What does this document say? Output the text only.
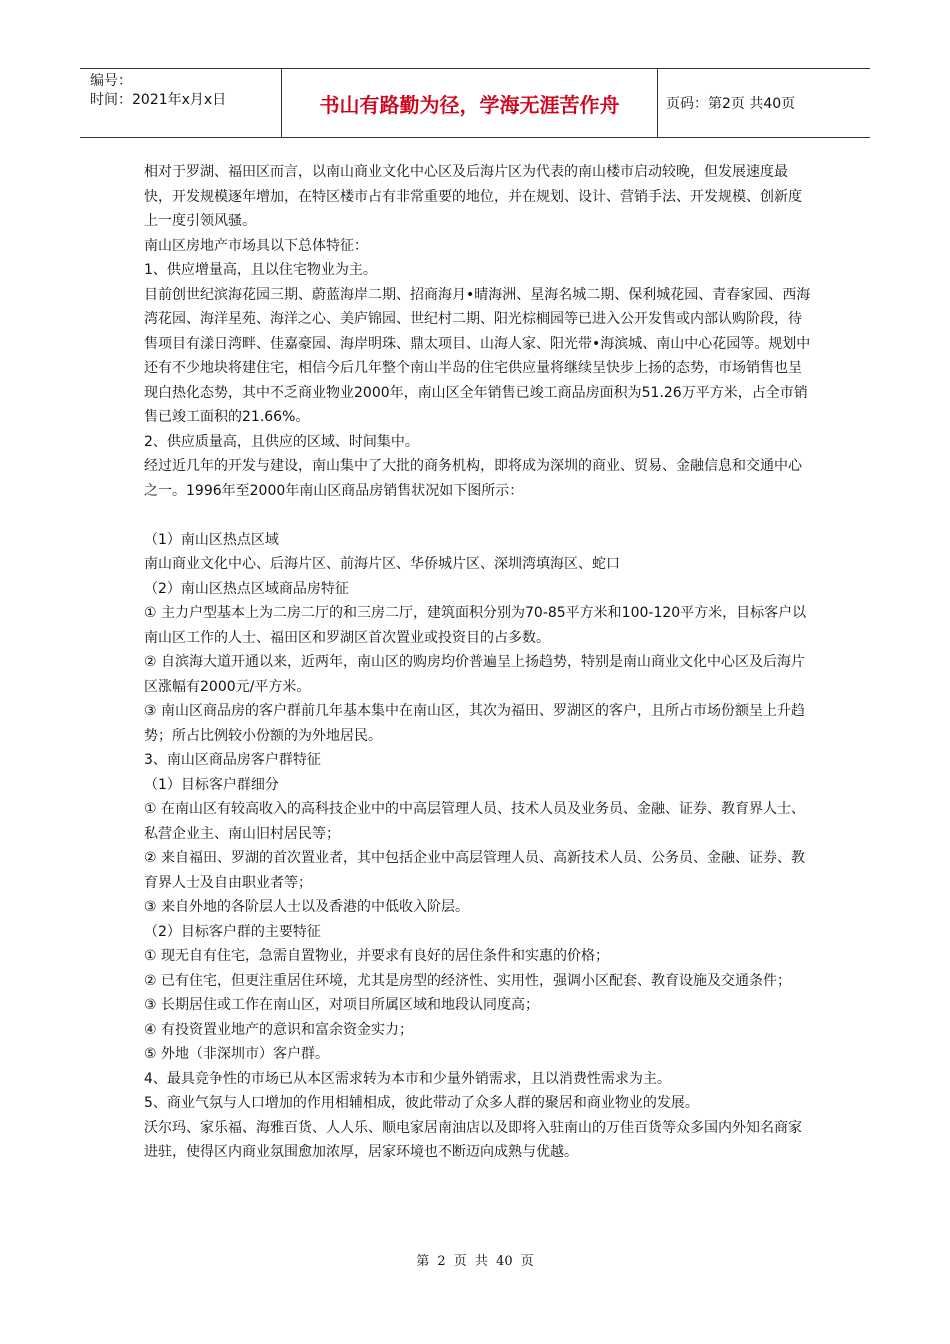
编号：
时间：2021年x月x日	书山有路勤为径，学海无涯苦作舟	页码：第2页 共40页

相对于罗湖、福田区而言，以南山商业文化中心区及后海片区为代表的南山楼市启动较晚，但发展速度最快，开发规模逐年增加，在特区楼市占有非常重要的地位，并在规划、设计、营销手法、开发规模、创新度上一度引领风骚。

南山区房地产市场具以下总体特征：

1、供应增量高，且以住宅物业为主。

目前创世纪滨海花园三期、蔚蓝海岸二期、招商海月•晴海洲、星海名城二期、保利城花园、青春家园、西海湾花园、海洋星苑、海洋之心、美庐锦园、世纪村二期、阳光棕榈园等已进入公开发售或内部认购阶段，待售项目有漾日湾畔、佳嘉豪园、海岸明珠、鼎太项目、山海人家、阳光带•海滨城、南山中心花园等。规划中还有不少地块将建住宅，相信今后几年整个南山半岛的住宅供应量将继续呈快步上扬的态势，市场销售也呈现白热化态势，其中不乏商业物业2000年，南山区全年销售已竣工商品房面积为51.26万平方米，占全市销售已竣工面积的21.66%。

2、供应质量高，且供应的区域、时间集中。

经过近几年的开发与建设，南山集中了大批的商务机构，即将成为深圳的商业、贸易、金融信息和交通中心之一。1996年至2000年南山区商品房销售状况如下图所示：

（1）南山区热点区域

南山商业文化中心、后海片区、前海片区、华侨城片区、深圳湾填海区、蛇口

（2）南山区热点区域商品房特征

① 主力户型基本上为二房二厅的和三房二厅，建筑面积分别为70-85平方米和100-120平方米，目标客户以南山区工作的人士、福田区和罗湖区首次置业或投资目的占多数。

② 自滨海大道开通以来，近两年，南山区的购房均价普遍呈上扬趋势，特别是南山商业文化中心区及后海片区涨幅有2000元/平方米。

③ 南山区商品房的客户群前几年基本集中在南山区，其次为福田、罗湖区的客户，且所占市场份额呈上升趋势；所占比例较小份额的为外地居民。

3、南山区商品房客户群特征

（1）目标客户群细分

① 在南山区有较高收入的高科技企业中的中高层管理人员、技术人员及业务员、金融、证券、教育界人士、私营企业主、南山旧村居民等；

② 来自福田、罗湖的首次置业者，其中包括企业中高层管理人员、高新技术人员、公务员、金融、证券、教育界人士及自由职业者等；

③ 来自外地的各阶层人士以及香港的中低收入阶层。

（2）目标客户群的主要特征

① 现无自有住宅，急需自置物业，并要求有良好的居住条件和实惠的价格；

② 已有住宅，但更注重居住环境，尤其是房型的经济性、实用性，强调小区配套、教育设施及交通条件；

③ 长期居住或工作在南山区，对项目所属区域和地段认同度高；

④ 有投资置业地产的意识和富余资金实力；

⑤ 外地（非深圳市）客户群。

4、最具竞争性的市场已从本区需求转为本市和少量外销需求，且以消费性需求为主。

5、商业气氛与人口增加的作用相辅相成，彼此带动了众多人群的聚居和商业物业的发展。

沃尔玛、家乐福、海雅百货、人人乐、顺电家居南油店以及即将入驻南山的万佳百货等众多国内外知名商家进驻，使得区内商业氛围愈加浓厚，居家环境也不断迈向成熟与优越。

第 2 页 共 40 页
